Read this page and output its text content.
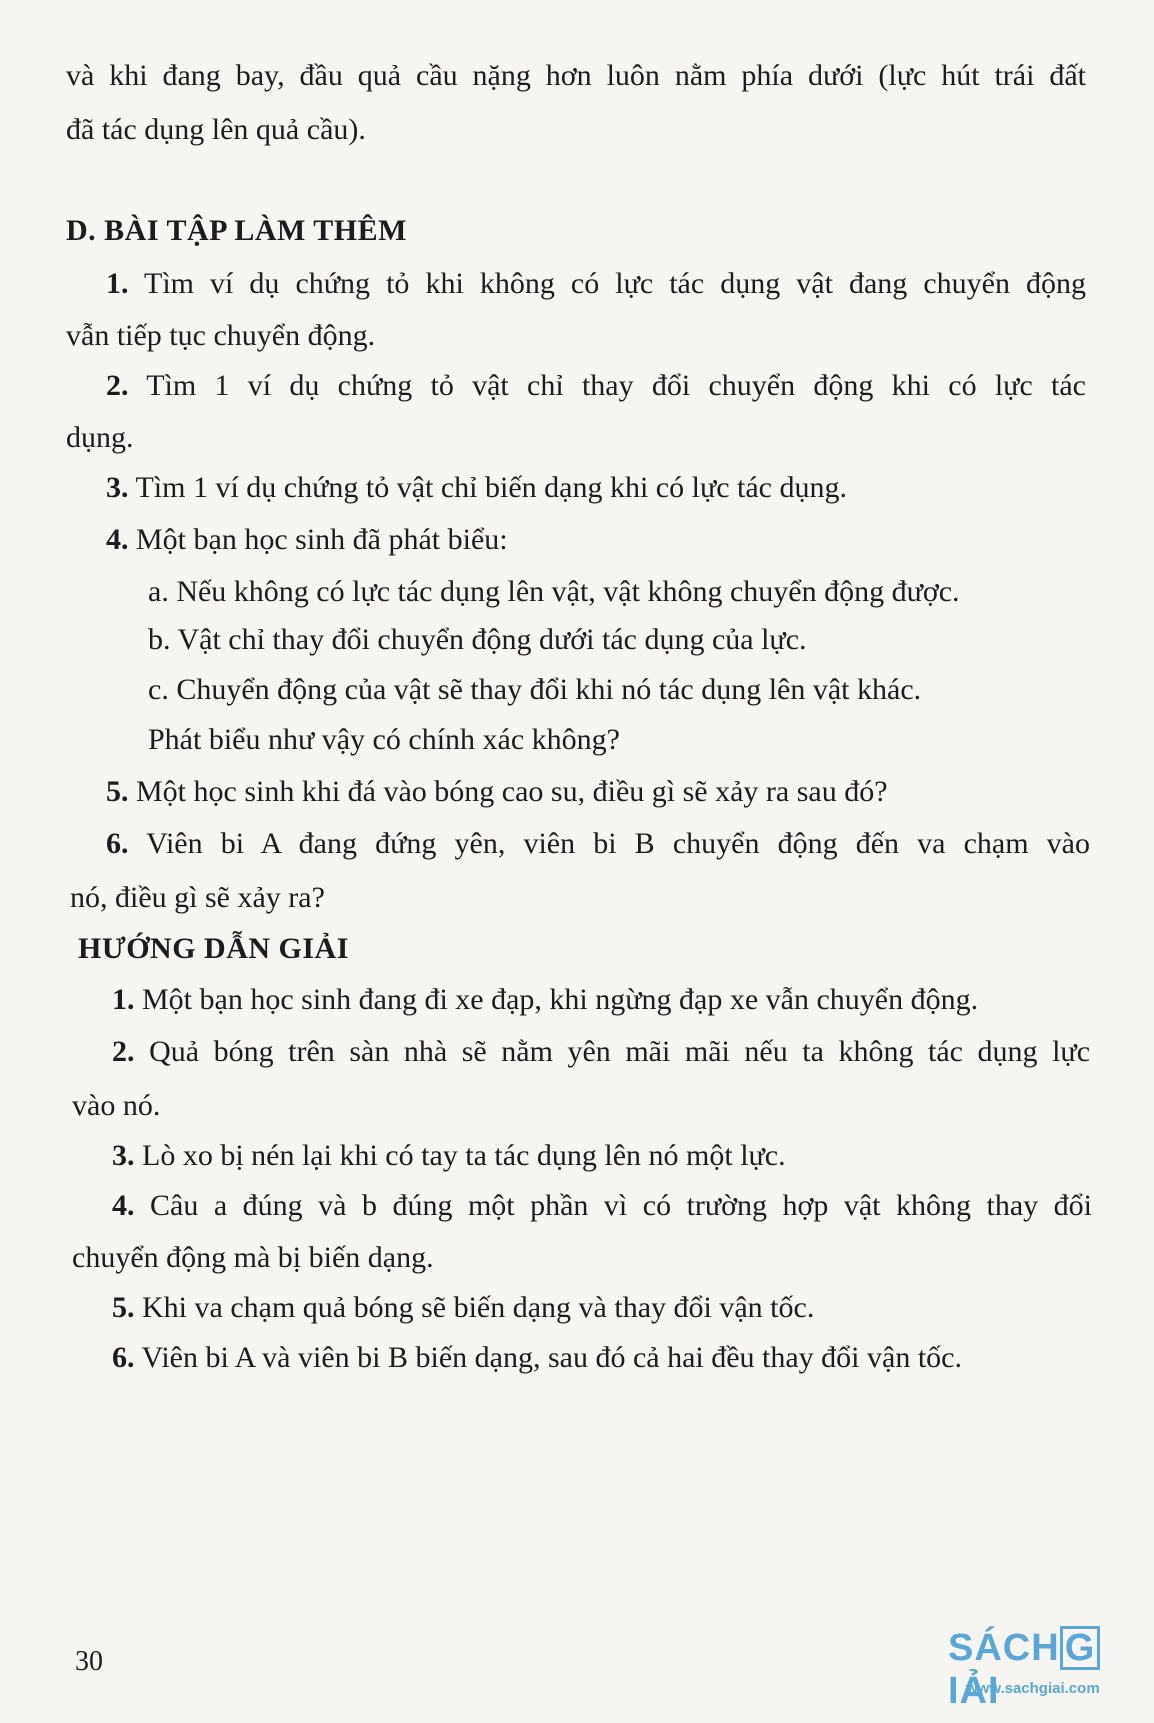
và khi đang bay, đầu quả cầu nặng hơn luôn nằm phía dưới (lực hút trái đất
đã tác dụng lên quả cầu).
D. BÀI TẬP LÀM THÊM
1. Tìm ví dụ chứng tỏ khi không có lực tác dụng vật đang chuyển động
vẫn tiếp tục chuyển động.
2. Tìm 1 ví dụ chứng tỏ vật chỉ thay đổi chuyển động khi có lực tác
dụng.
3. Tìm 1 ví dụ chứng tỏ vật chỉ biến dạng khi có lực tác dụng.
4. Một bạn học sinh đã phát biểu:
a. Nếu không có lực tác dụng lên vật, vật không chuyển động được.
b. Vật chỉ thay đổi chuyển động dưới tác dụng của lực.
c. Chuyển động của vật sẽ thay đổi khi nó tác dụng lên vật khác.
Phát biểu như vậy có chính xác không?
5. Một học sinh khi đá vào bóng cao su, điều gì sẽ xảy ra sau đó?
6. Viên bi A đang đứng yên, viên bi B chuyển động đến va chạm vào
nó, điều gì sẽ xảy ra?
HƯỚNG DẪN GIẢI
1. Một bạn học sinh đang đi xe đạp, khi ngừng đạp xe vẫn chuyển động.
2. Quả bóng trên sàn nhà sẽ nằm yên mãi mãi nếu ta không tác dụng lực
vào nó.
3. Lò xo bị nén lại khi có tay ta tác dụng lên nó một lực.
4. Câu a đúng và b đúng một phần vì có trường hợp vật không thay đổi
chuyển động mà bị biến dạng.
5. Khi va chạm quả bóng sẽ biến dạng và thay đổi vận tốc.
6. Viên bi A và viên bi B biến dạng, sau đó cả hai đều thay đổi vận tốc.
30	SÁCH GIẢI
www.sachgiai.com
